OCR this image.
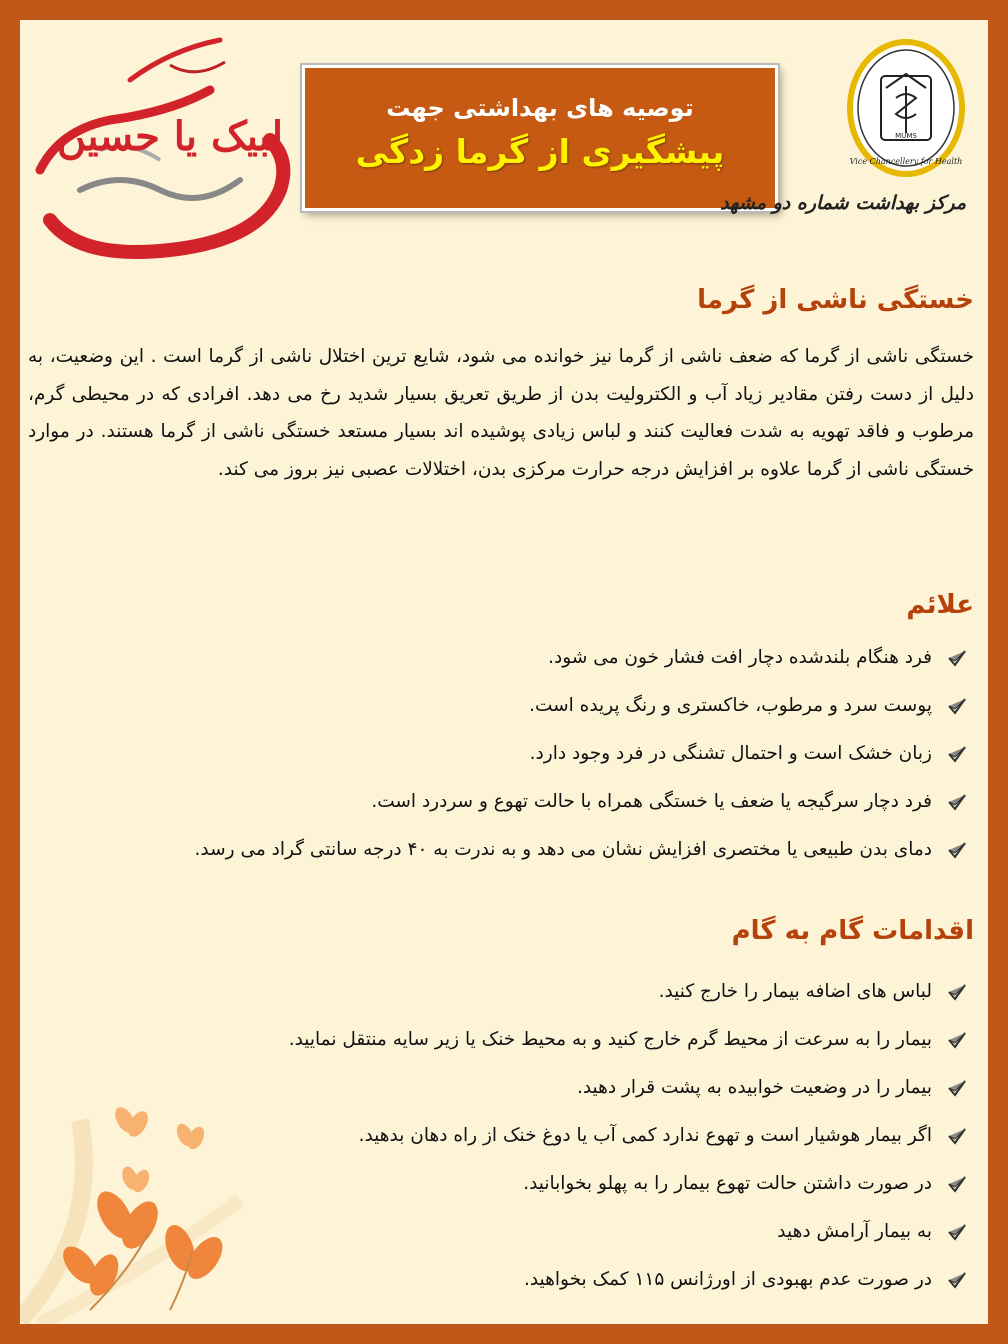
لبیک یا حسین
توصیه های بهداشتی جهت
پیشگیری از گرما زدگی	MUMS
Vice Chancellery for Health
مرکز بهداشت شماره دو مشهد
خستگی ناشی از گرما
خستگی ناشی از گرما که ضعف ناشی از گرما نیز خوانده می شود، شایع ترین اختلال ناشی از گرما است . این وضعیت، به دلیل از دست رفتن مقادیر زیاد آب و الکترولیت بدن از طریق تعریق بسیار شدید رخ می دهد. افرادی که در محیطی گرم، مرطوب و فاقد تهویه به شدت فعالیت کنند و لباس زیادی پوشیده اند بسیار مستعد خستگی ناشی از گرما هستند. در موارد خستگی ناشی از گرما علاوه بر افزایش درجه حرارت مرکزی بدن، اختلالات عصبی نیز بروز می کند.
علائم
فرد هنگام بلندشده دچار افت فشار خون می شود.
پوست سرد و مرطوب، خاکستری و رنگ پریده است.
زبان خشک است و احتمال تشنگی در فرد وجود دارد.
فرد دچار سرگیجه یا ضعف یا خستگی همراه با حالت تهوع و سردرد است.
دمای بدن طبیعی یا مختصری افزایش نشان می دهد و به ندرت به ۴۰ درجه سانتی گراد می رسد.
اقدامات گام به گام
لباس های اضافه بیمار را خارج کنید.
بیمار را به سرعت از محیط گرم خارج کنید و به محیط خنک یا زیر سایه منتقل نمایید.
بیمار را در وضعیت خوابیده به پشت قرار دهید.
اگر بیمار هوشیار است و تهوع ندارد کمی آب یا دوغ خنک از راه دهان بدهید.
در صورت داشتن حالت تهوع بیمار را به پهلو بخوابانید.
به بیمار آرامش دهید
در صورت عدم بهبودی از اورژانس ۱۱۵ کمک بخواهید.
